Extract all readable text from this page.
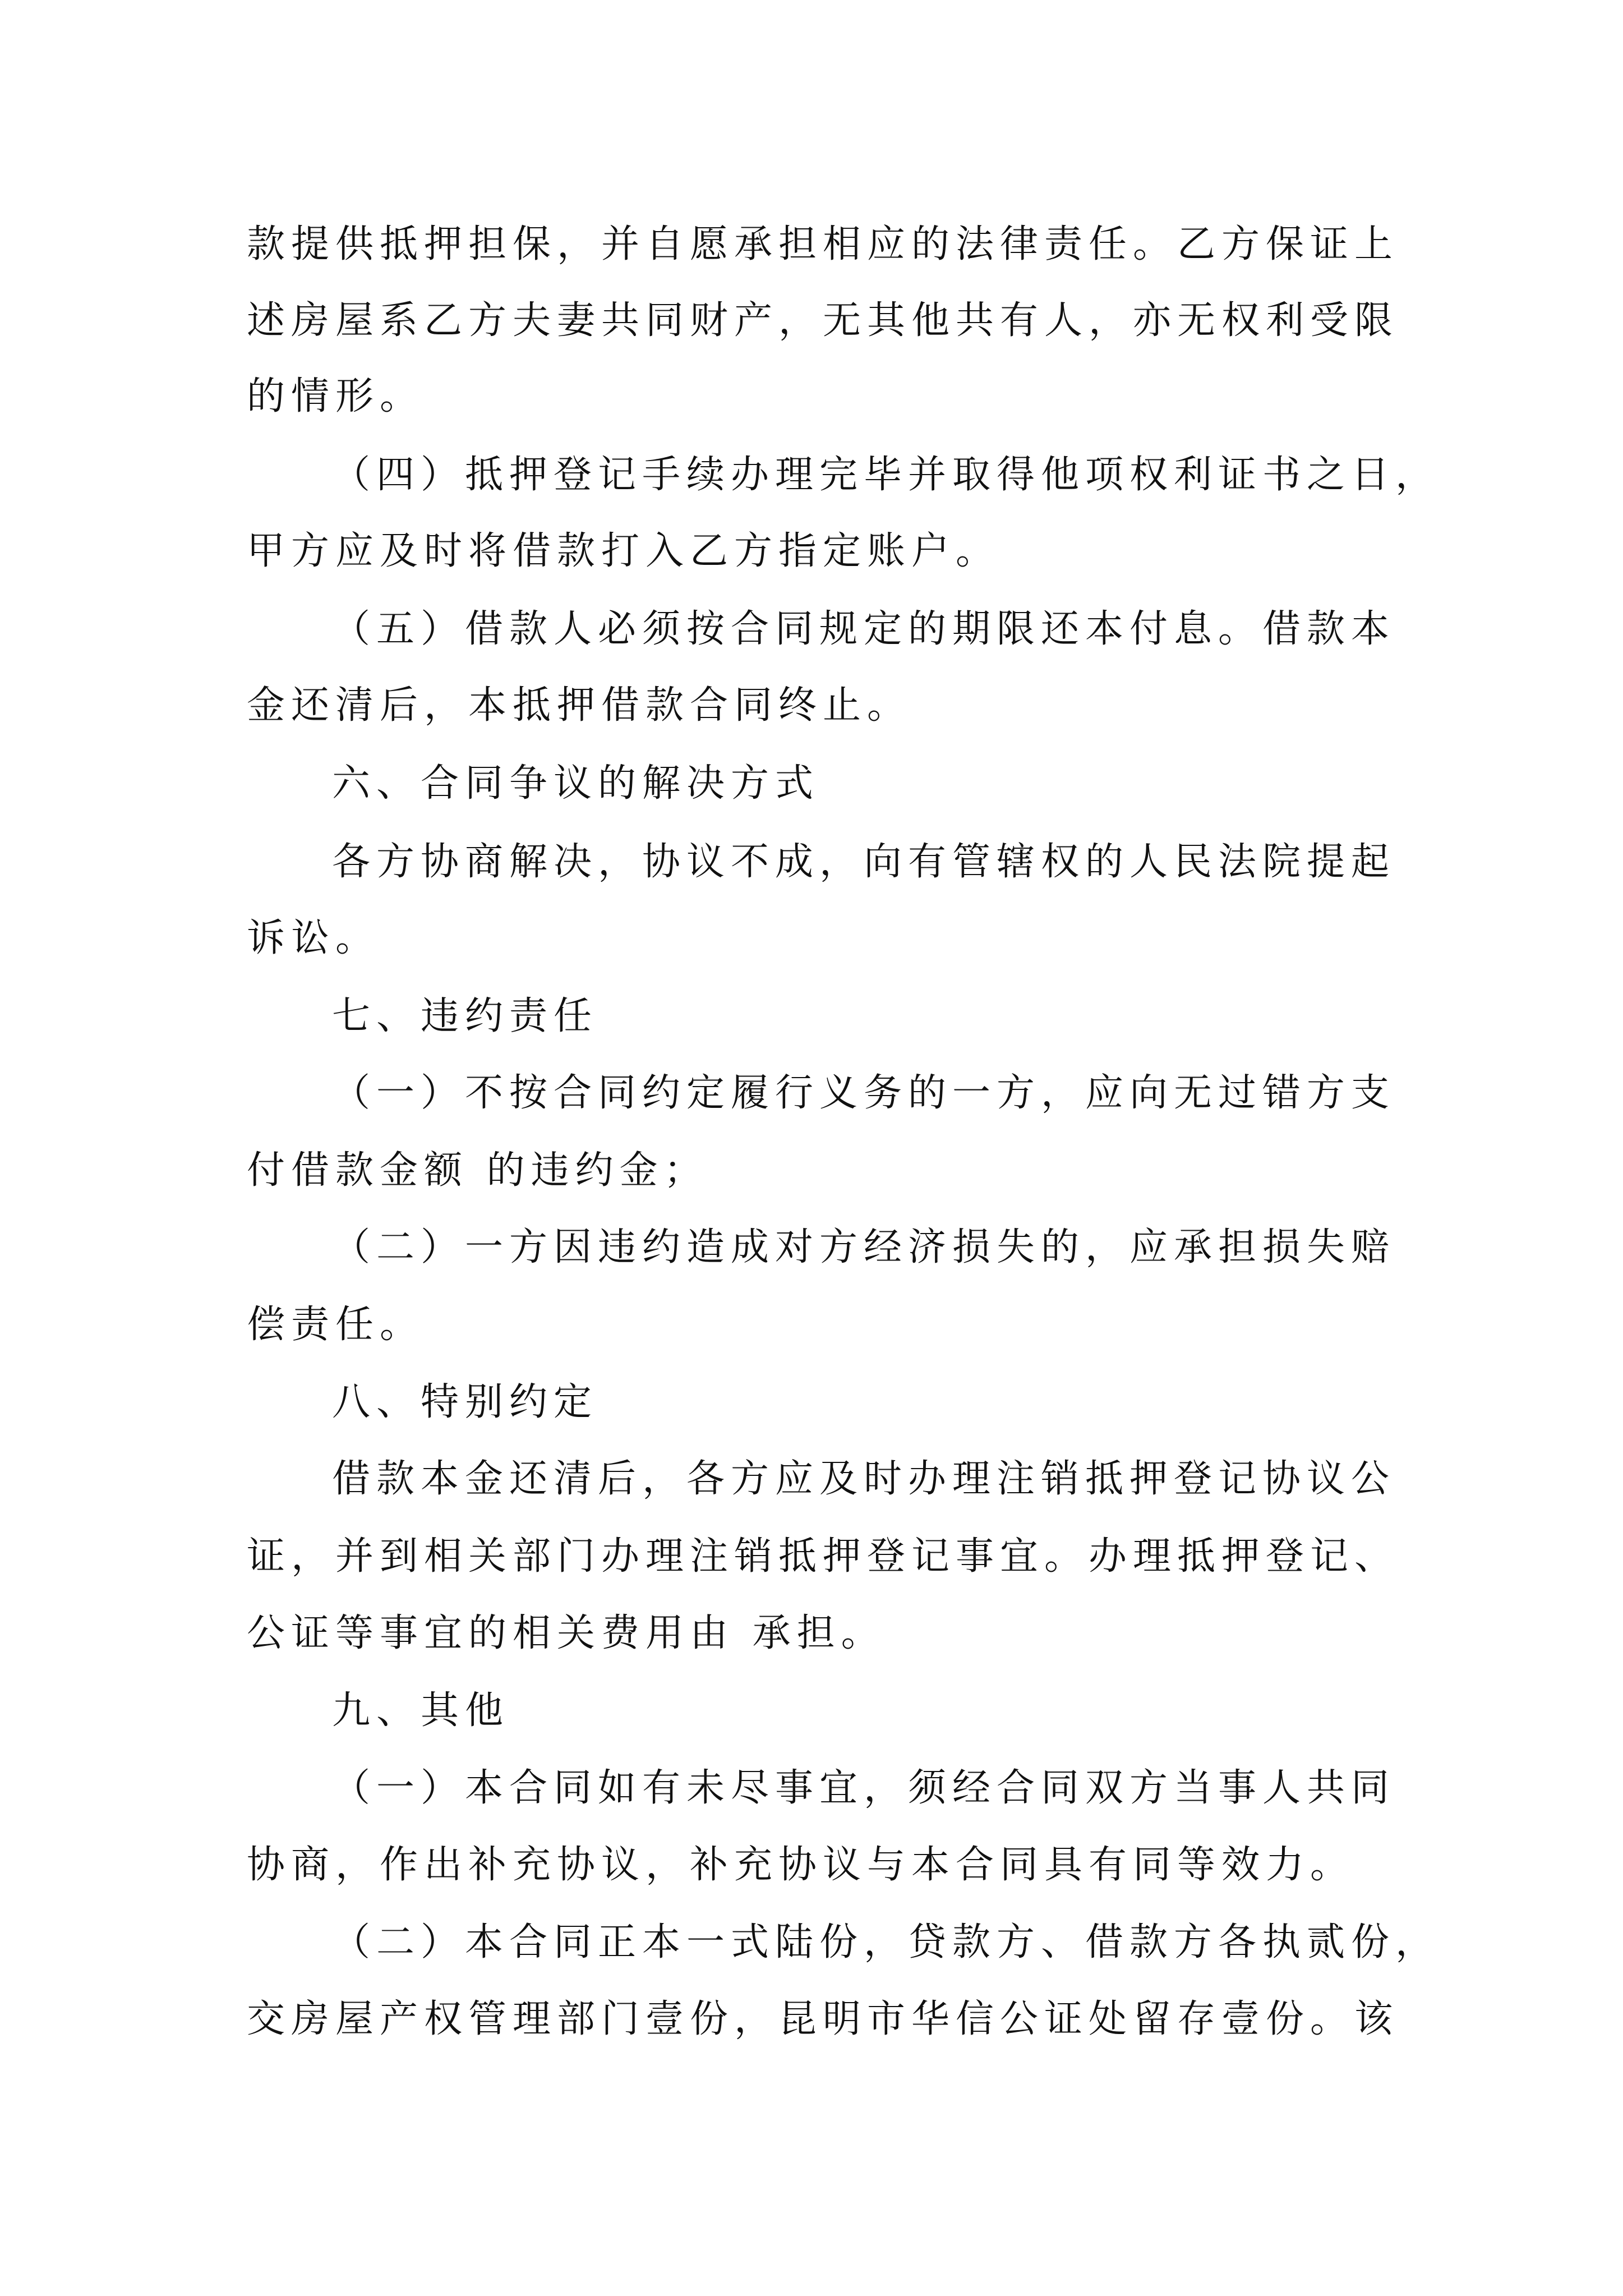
款提供抵押担保，并自愿承担相应的法律责任。乙方保证上

述房屋系乙方夫妻共同财产，无其他共有人，亦无权利受限

的情形。

（四）抵押登记手续办理完毕并取得他项权利证书之日，

甲方应及时将借款打入乙方指定账户。

（五）借款人必须按合同规定的期限还本付息。借款本

金还清后，本抵押借款合同终止。

六、合同争议的解决方式

各方协商解决，协议不成，向有管辖权的人民法院提起

诉讼。

七、违约责任

（一）不按合同约定履行义务的一方，应向无过错方支

付借款金额 的违约金；

（二）一方因违约造成对方经济损失的，应承担损失赔

偿责任。

八、特别约定

借款本金还清后，各方应及时办理注销抵押登记协议公

证，并到相关部门办理注销抵押登记事宜。办理抵押登记、

公证等事宜的相关费用由 承担。

九、其他

（一）本合同如有未尽事宜，须经合同双方当事人共同

协商，作出补充协议，补充协议与本合同具有同等效力。

（二）本合同正本一式陆份，贷款方、借款方各执贰份，

交房屋产权管理部门壹份，昆明市华信公证处留存壹份。该
